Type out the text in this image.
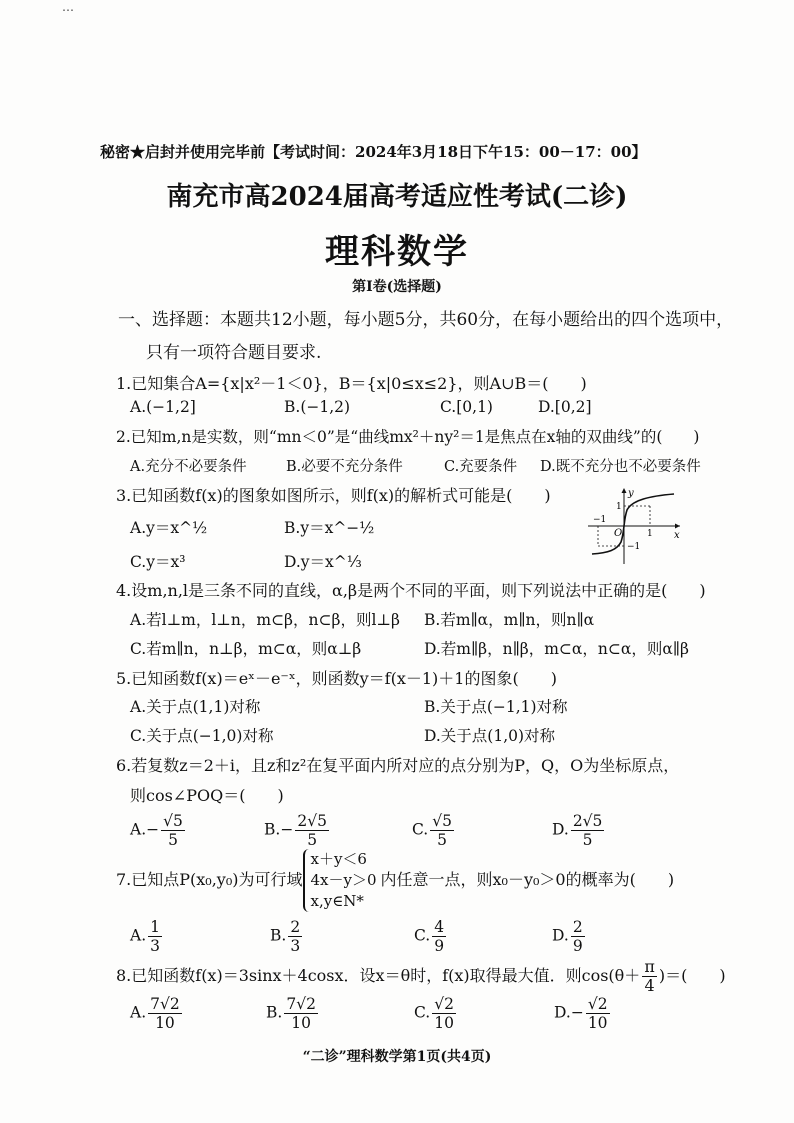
…
秘密★启封并使用完毕前【考试时间：2024年3月18日下午15：00－17：00】
南充市高2024届高考适应性考试(二诊)
理科数学
第Ⅰ卷(选择题)
一、选择题：本题共12小题，每小题5分，共60分，在每小题给出的四个选项中，
只有一项符合题目要求.
1.已知集合A={x|x²－1＜0}，B＝{x|0≤x≤2}，则A∪B＝(　　)
A.(−1,2]	B.(−1,2)	C.[0,1)	D.[0,2]
2.已知m,n是实数，则“mn＜0”是“曲线mx²＋ny²＝1是焦点在x轴的双曲线”的(　　)
A.充分不必要条件	B.必要不充分条件	C.充要条件 D.既不充分也不必要条件
3.已知函数f(x)的图象如图所示，则f(x)的解析式可能是(　　)
A.y＝x^½	B.y＝x^−½
C.y＝x³	D.y＝x^⅓
y
x
O
1
1
−1
−1
4.设m,n,l是三条不同的直线，α,β是两个不同的平面，则下列说法中正确的是(　　)
A.若l⊥m，l⊥n，m⊂β，n⊂β，则l⊥β B.若m∥α，m∥n，则n∥α
C.若m∥n，n⊥β，m⊂α，则α⊥β	D.若m∥β，n∥β，m⊂α，n⊂α，则α∥β
5.已知函数f(x)＝eˣ－e⁻ˣ，则函数y＝f(x－1)＋1的图象(　　)
A.关于点(1,1)对称	B.关于点(−1,1)对称
C.关于点(−1,0)对称	D.关于点(1,0)对称
6.若复数z＝2＋i，且z和z²在复平面内所对应的点分别为P，Q，O为坐标原点，
则cos∠POQ＝(　　)
$A.- \frac{√5}{5}$	$B.- \frac{2√5}{5}$	C. $\frac{√5}{5}$	D. $\frac{2√5}{5}$
7.已知点P(x₀,y₀)为可行域
x＋y＜6
4x－y＞0
x,y∈N*
内任意一点，则x₀－y₀＞0的概率为(　　)
A. $\frac{1}{3}$	B. $\frac{2}{3}$	C. $\frac{4}{9}$	D. $\frac{2}{9}$
8.已知函数f(x)＝3sinx＋4cosx．设x＝θ时，f(x)取得最大值．则$\cos(\theta+ \frac{\pi}{4}$ )＝(　　)
A. $\frac{7√2}{10}$	B. $\frac{7√2}{10}$	C. $\frac{√2}{10}$	$D.- \frac{√2}{10}$
“二诊”理科数学第1页(共4页)
